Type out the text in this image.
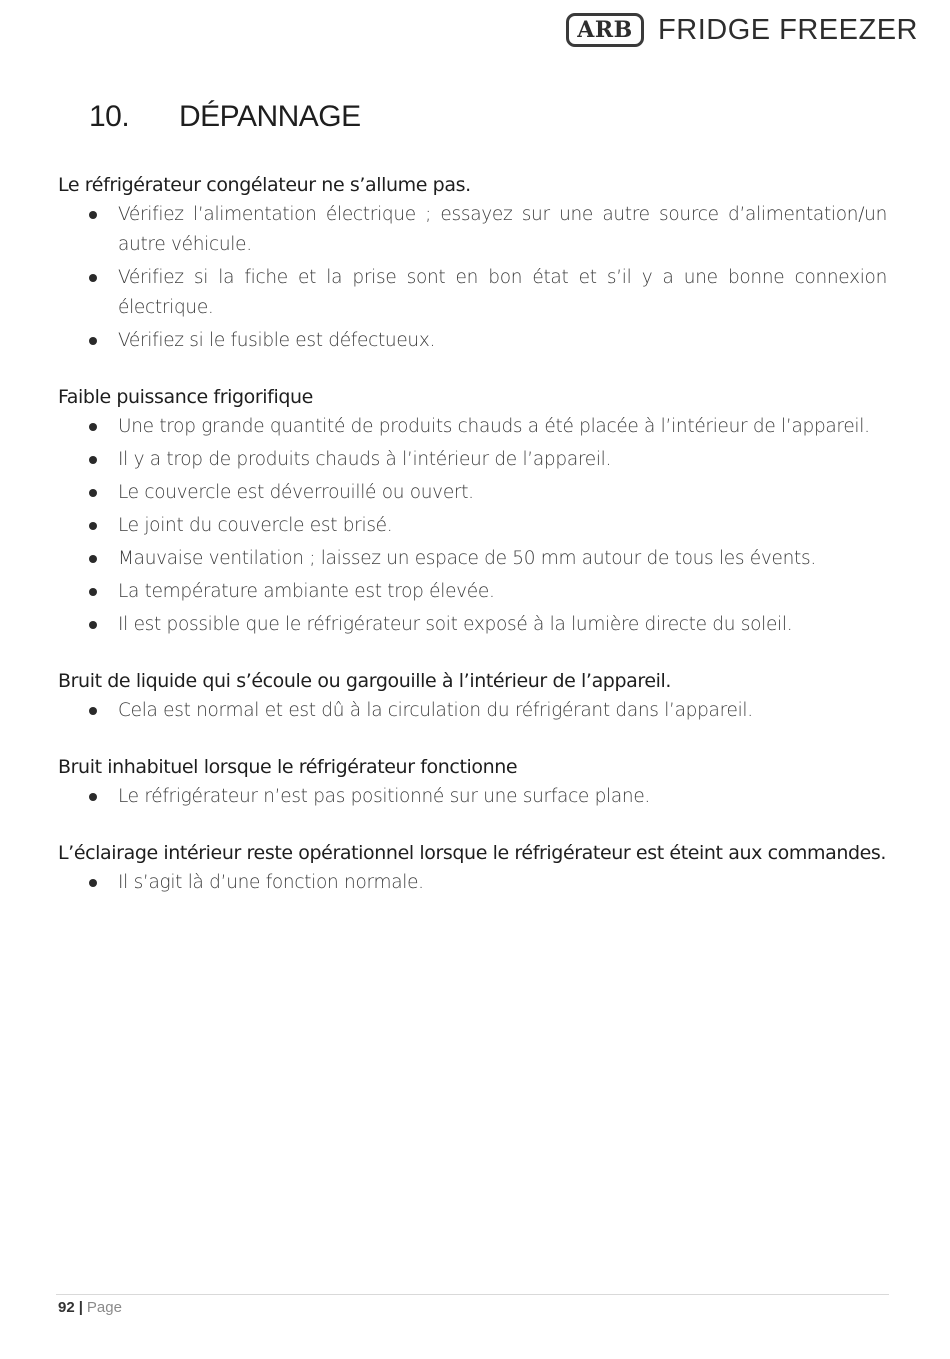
ARB FRIDGE FREEZER
10. DÉPANNAGE

Le réfrigérateur congélateur ne s’allume pas.

Vérifiez l’alimentation électrique ; essayez sur une autre source d’alimentation/un autre véhicule.
Vérifiez si la fiche et la prise sont en bon état et s’il y a une bonne connexion électrique.
Vérifiez si le fusible est défectueux.

Faible puissance frigorifique

Une trop grande quantité de produits chauds a été placée à l’intérieur de l’appareil.
Il y a trop de produits chauds à l’intérieur de l’appareil.
Le couvercle est déverrouillé ou ouvert.
Le joint du couvercle est brisé.
Mauvaise ventilation ; laissez un espace de 50 mm autour de tous les évents.
La température ambiante est trop élevée.
Il est possible que le réfrigérateur soit exposé à la lumière directe du soleil.

Bruit de liquide qui s’écoule ou gargouille à l’intérieur de l’appareil.

Cela est normal et est dû à la circulation du réfrigérant dans l’appareil.

Bruit inhabituel lorsque le réfrigérateur fonctionne

Le réfrigérateur n’est pas positionné sur une surface plane.

L’éclairage intérieur reste opérationnel lorsque le réfrigérateur est éteint aux commandes.

Il s’agit là d’une fonction normale.
92 | Page
